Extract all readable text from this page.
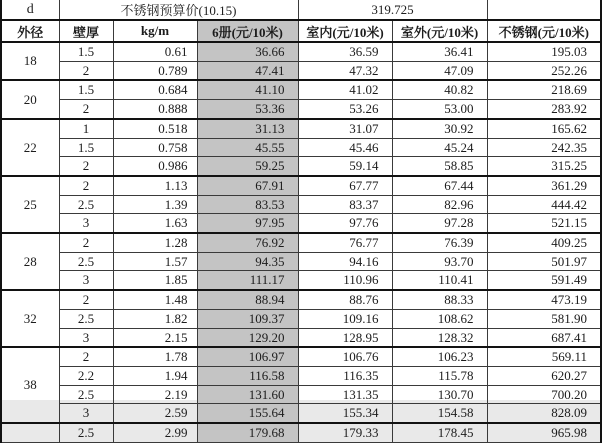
d	不锈钢预算价(10.15)			319.725		
外径	壁厚	kg/m	6册(元/10米)	室内(元/10米)	室外(元/10米)	不锈钢(元/10米)
18	1.5	0.61	36.66	36.59	36.41	195.03
	2	0.789	47.41	47.32	47.09	252.26
20	1.5	0.684	41.10	41.02	40.82	218.69
	2	0.888	53.36	53.26	53.00	283.92
22	1	0.518	31.13	31.07	30.92	165.62
	1.5	0.758	45.55	45.46	45.24	242.35
	2	0.986	59.25	59.14	58.85	315.25
25	2	1.13	67.91	67.77	67.44	361.29
	2.5	1.39	83.53	83.37	82.96	444.42
	3	1.63	97.95	97.76	97.28	521.15
28	2	1.28	76.92	76.77	76.39	409.25
	2.5	1.57	94.35	94.16	93.70	501.97
	3	1.85	111.17	110.96	110.41	591.49
32	2	1.48	88.94	88.76	88.33	473.19
	2.5	1.82	109.37	109.16	108.62	581.90
	3	2.15	129.20	128.95	128.32	687.41
38	2	1.78	106.97	106.76	106.23	569.11
	2.2	1.94	116.58	116.35	115.78	620.27
	2.5	2.19	131.60	131.35	130.70	700.20
	3	2.59	155.64	155.34	154.58	828.09
	2.5	2.99	179.68	179.33	178.45	965.98
